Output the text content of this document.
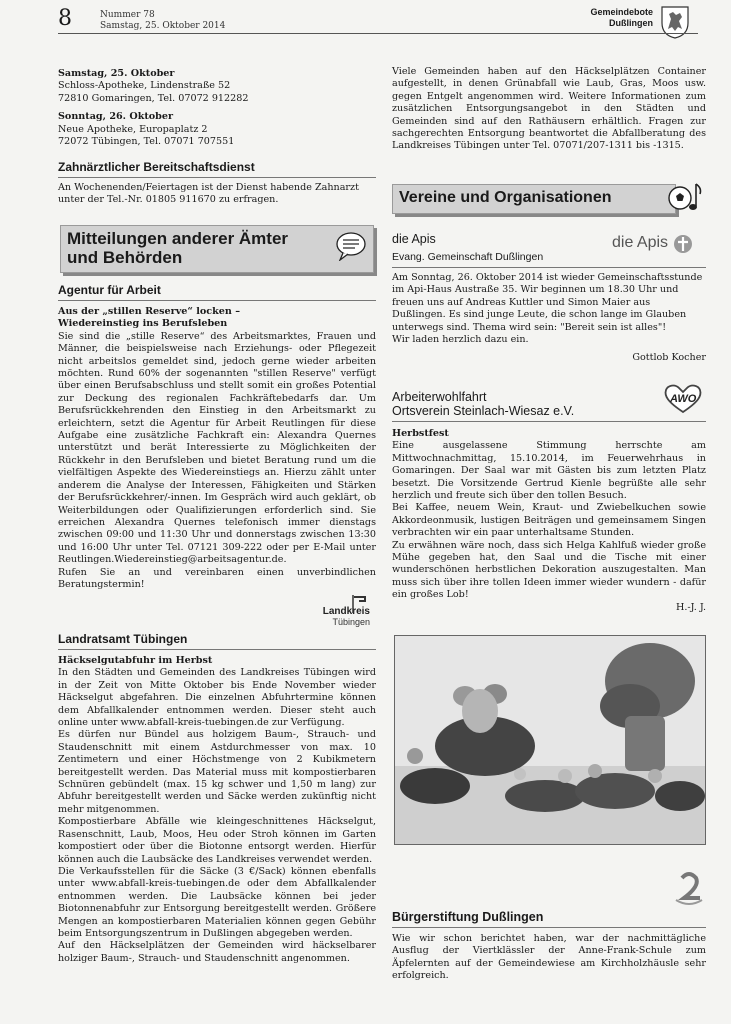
8	Nummer 78
Samstag, 25. Oktober 2014
Gemeindebote
Dußlingen

Samstag, 25. Oktober

Schloss-Apotheke, Lindenstraße 52

72810 Gomaringen, Tel. 07072 912282

Sonntag, 26. Oktober

Neue Apotheke, Europaplatz 2

72072 Tübingen, Tel. 07071 707551

Zahnärztlicher Bereitschaftsdienst
An Wochenenden/Feiertagen ist der Dienst habende Zahnarzt unter der Tel.-Nr. 01805 911670 zu erfragen.
Mitteilungen anderer Ämter
und Behörden
Agentur für Arbeit
Aus der „stillen Reserve“ locken –
Wiedereinstieg ins Berufsleben
Sie sind die „stille Reserve“ des Arbeitsmarktes, Frauen und Männer, die beispielsweise nach Erziehungs- oder Pflegezeit nicht arbeitslos gemeldet sind, jedoch gerne wieder arbeiten möchten. Rund 60% der sogenannten "stillen Reserve" verfügt über einen Berufsabschluss und stellt somit ein großes Potential zur Deckung des regionalen Fachkräftebedarfs dar. Um Berufsrückkehrenden den Einstieg in den Arbeitsmarkt zu erleichtern, setzt die Agentur für Arbeit Reutlingen für diese Aufgabe eine zusätzliche Fachkraft ein: Alexandra Quernes unterstützt und berät Interessierte zu Möglichkeiten der Rückkehr in den Berufsleben und bietet Beratung rund um die vielfältigen Aspekte des Wiedereinstiegs an. Hierzu zählt unter anderem die Analyse der Interessen, Fähigkeiten und Stärken der Berufsrückkehrer/-innen. Im Gespräch wird auch geklärt, ob Weiterbildungen oder Qualifizierungen erforderlich sind. Sie erreichen Alexandra Quernes telefonisch immer dienstags zwischen 09:00 und 11:30 Uhr und donnerstags zwischen 13:30 und 16:00 Uhr unter Tel. 07121 309-222 oder per E-Mail unter Reutlingen.Wiedereinstieg@arbeitsagentur.de.
Rufen Sie an und vereinbaren einen unverbindlichen Beratungstermin!
Landkreis
Tübingen
Landratsamt Tübingen
Häckselgutabfuhr im Herbst
In den Städten und Gemeinden des Landkreises Tübingen wird in der Zeit von Mitte Oktober bis Ende November wieder Häckselgut abgefahren. Die einzelnen Abfuhrtermine können dem Abfallkalender entnommen werden. Dieser steht auch online unter www.abfall-kreis-tuebingen.de zur Verfügung.
Es dürfen nur Bündel aus holzigem Baum-, Strauch- und Staudenschnitt mit einem Astdurchmesser von max. 10 Zentimetern und einer Höchstmenge von 2 Kubikmetern bereitgestellt werden. Das Material muss mit kompostierbaren Schnüren gebündelt (max. 15 kg schwer und 1,50 m lang) zur Abfuhr bereitgestellt werden und Säcke werden zukünftig nicht mehr mitgenommen.
Kompostierbare Abfälle wie kleingeschnittenes Häckselgut, Rasenschnitt, Laub, Moos, Heu oder Stroh können im Garten kompostiert oder über die Biotonne entsorgt werden. Hierfür können auch die Laubsäcke des Landkreises verwendet werden.
Die Verkaufsstellen für die Säcke (3 €/Sack) können ebenfalls unter www.abfall-kreis-tuebingen.de oder dem Abfallkalender entnommen werden. Die Laubsäcke können bei jeder Biotonnenabfuhr zur Entsorgung bereitgestellt werden. Größere Mengen an kompostierbaren Materialien können gegen Gebühr beim Entsorgungszentrum in Dußlingen abgegeben werden.
Auf den Häckselplätzen der Gemeinden wird häckselbarer holziger Baum-, Strauch- und Staudenschnitt angenommen.
Viele Gemeinden haben auf den Häckselplätzen Container aufgestellt, in denen Grünabfall wie Laub, Gras, Moos usw. gegen Entgelt angenommen wird. Weitere Informationen zum zusätzlichen Entsorgungsangebot in den Städten und Gemeinden sind auf den Rathäusern erhältlich. Fragen zur sachgerechten Entsorgung beantwortet die Abfallberatung des Landkreises Tübingen unter Tel. 07071/207-1311 bis -1315.
Vereine und Organisationen
die Apis
Evang. Gemeinschaft Dußlingen
Am Sonntag, 26. Oktober 2014 ist wieder Gemeinschaftsstunde im Api-Haus Austraße 35. Wir beginnen um 18.30 Uhr und freuen uns auf Andreas Kuttler und Simon Maier aus Dußlingen. Es sind junge Leute, die schon lange im Glauben unterwegs sind. Thema wird sein: "Bereit sein ist alles"!
Wir laden herzlich dazu ein.
Gottlob Kocher
die Apis
Arbeiterwohlfahrt
Ortsverein Steinlach-Wiesaz e.V.
Herbstfest
Eine ausgelassene Stimmung herrschte am Mittwochnachmittag, 15.10.2014, im Feuerwehrhaus in Gomaringen. Der Saal war mit Gästen bis zum letzten Platz besetzt. Die Vorsitzende Gertrud Kienle begrüßte alle sehr herzlich und freute sich über den tollen Besuch.
Bei Kaffee, neuem Wein, Kraut- und Zwiebelkuchen sowie Akkordeonmusik, lustigen Beiträgen und gemeinsamem Singen verbrachten wir ein paar unterhaltsame Stunden.
Zu erwähnen wäre noch, dass sich Helga Kahlfuß wieder große Mühe gegeben hat, den Saal und die Tische mit einer wunderschönen herbstlichen Dekoration auszugestalten. Man muss sich über ihre tollen Ideen immer wieder wundern - dafür ein großes Lob!
H.-J. J.
AWO
Bürgerstiftung Dußlingen
Wie wir schon berichtet haben, war der nachmittägliche Ausflug der Viertklässler der Anne-Frank-Schule zum Äpfelernten auf der Gemeindewiese am Kirchholzhäusle sehr erfolgreich.
